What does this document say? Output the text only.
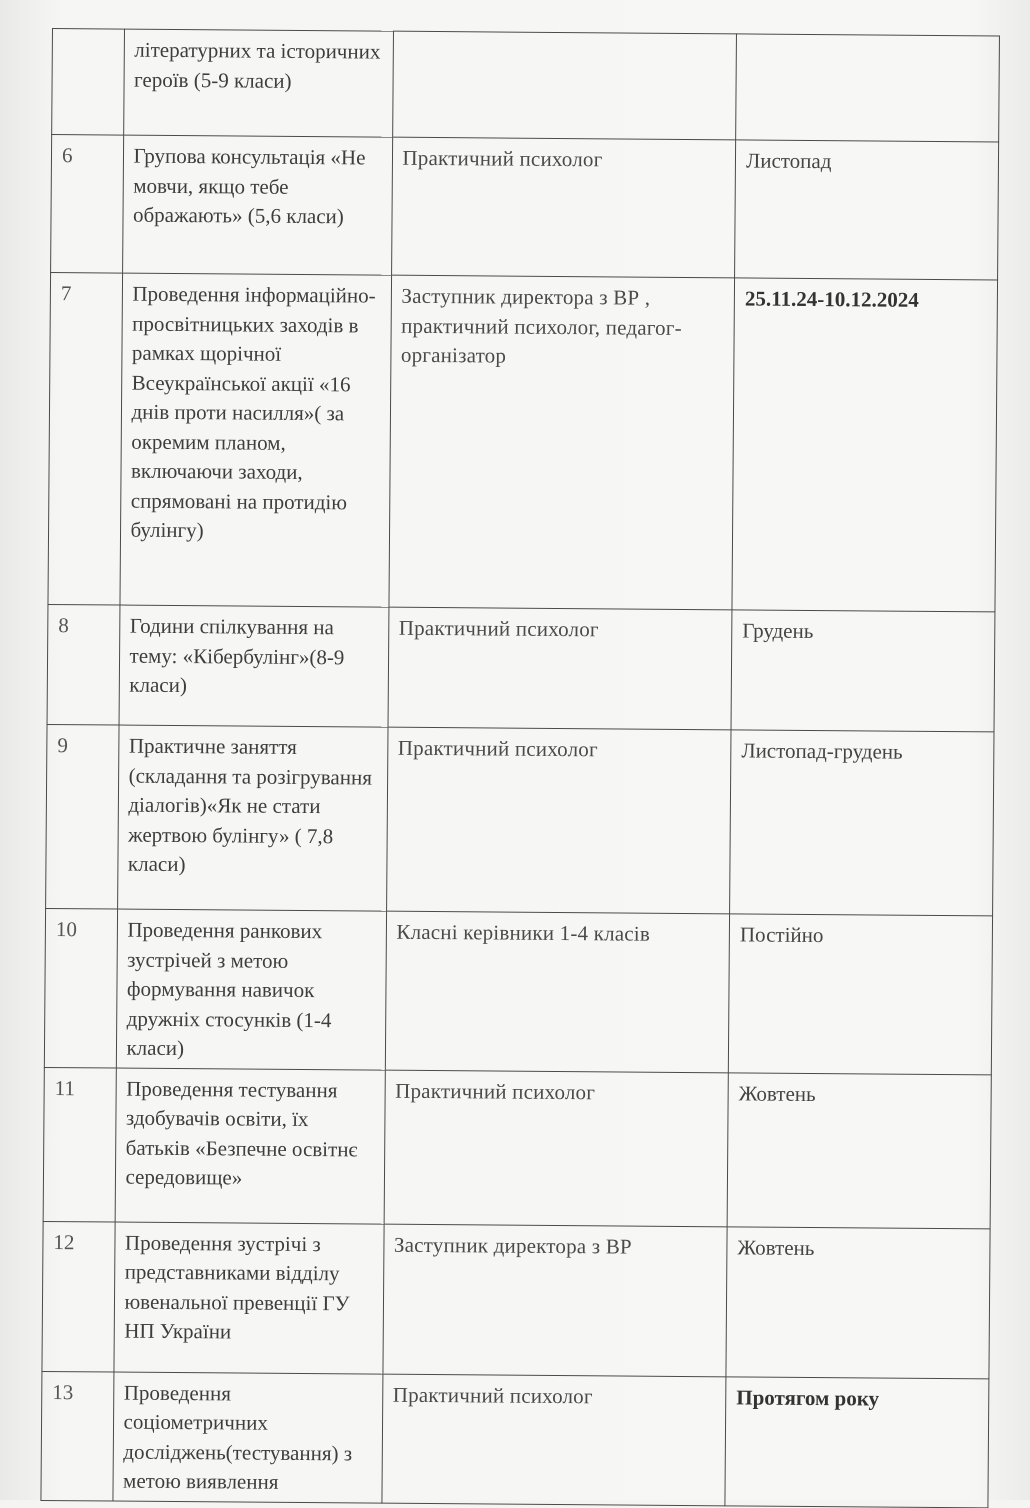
	літературних та історичних героїв (5-9 класи)		
6	Групова консультація «Не мовчи, якщо тебе ображають» (5,6 класи)	Практичний психолог	Листопад
7	Проведення інформаційно-просвітницьких заходів в рамках щорічної Всеукраїнської акції «16 днів проти насилля»( за окремим планом, включаючи заходи, спрямовані на протидію булінгу)	Заступник директора з ВР , практичний психолог, педагог-організатор	25.11.24-10.12.2024
8	Години спілкування на тему: «Кібербулінг»(8-9 класи)	Практичний психолог	Грудень
9	Практичне заняття (складання та розігрування діалогів)«Як не стати жертвою булінгу» ( 7,8 класи)	Практичний психолог	Листопад-грудень
10	Проведення ранкових зустрічей з метою формування навичок дружніх стосунків (1-4 класи)	Класні керівники 1-4 класів	Постійно
11	Проведення тестування здобувачів освіти, їх батьків «Безпечне освітнє середовище»	Практичний психолог	Жовтень
12	Проведення зустрічі з представниками відділу ювенальної превенції ГУ НП України	Заступник директора з ВР	Жовтень
13	Проведення соціометричних досліджень(тестування) з метою виявлення	Практичний психолог	Протягом року
